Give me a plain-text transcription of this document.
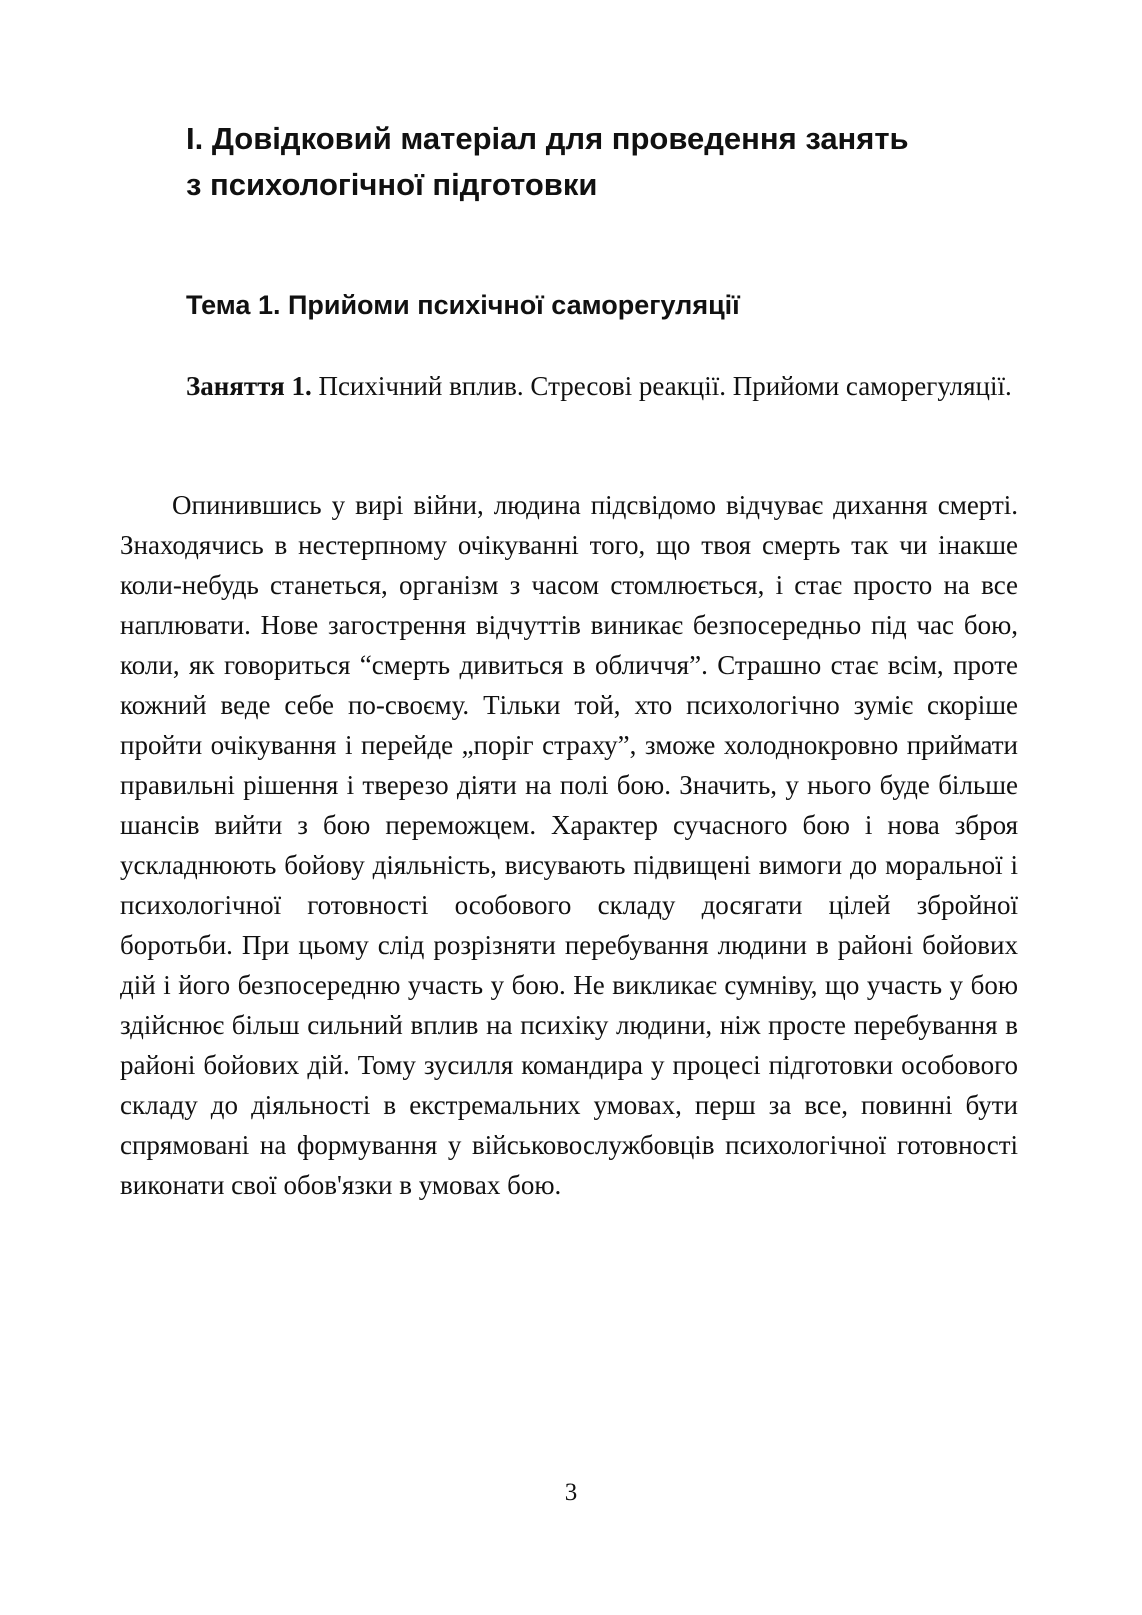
І. Довідковий матеріал для проведення занять
з психологічної підготовки
Тема 1. Прийоми психічної саморегуляції

Заняття 1. Психічний вплив. Стресові реакції. Прийоми саморегуляції.

Опинившись у вирі війни, людина підсвідомо відчуває дихання смерті. Знаходячись в нестерпному очікуванні того, що твоя смерть так чи інакше коли-небудь станеться, організм з часом стомлюється, і стає просто на все наплювати. Нове загострення відчуттів виникає безпосередньо під час бою, коли, як говориться “смерть дивиться в обличчя”. Страшно стає всім, проте кожний веде себе по-своєму. Тільки той, хто психологічно зуміє скоріше пройти очікування і перейде „поріг страху”, зможе холоднокровно приймати правильні рішення і тверезо діяти на полі бою. Значить, у нього буде більше шансів вийти з бою переможцем. Характер сучасного бою і нова зброя ускладнюють бойову діяльність, висувають підвищені вимоги до моральної і психологічної готовності особового складу досягати цілей збройної боротьби. При цьому слід розрізняти перебування людини в районі бойових дій і його безпосередню участь у бою. Не викликає сумніву, що участь у бою здійснює більш сильний вплив на психіку людини, ніж просте перебування в районі бойових дій. Тому зусилля командира у процесі підготовки особового складу до діяльності в екстремальних умовах, перш за все, повинні бути спрямовані на формування у військовослужбовців психологічної готовності виконати свої обов'язки в умовах бою.

3
